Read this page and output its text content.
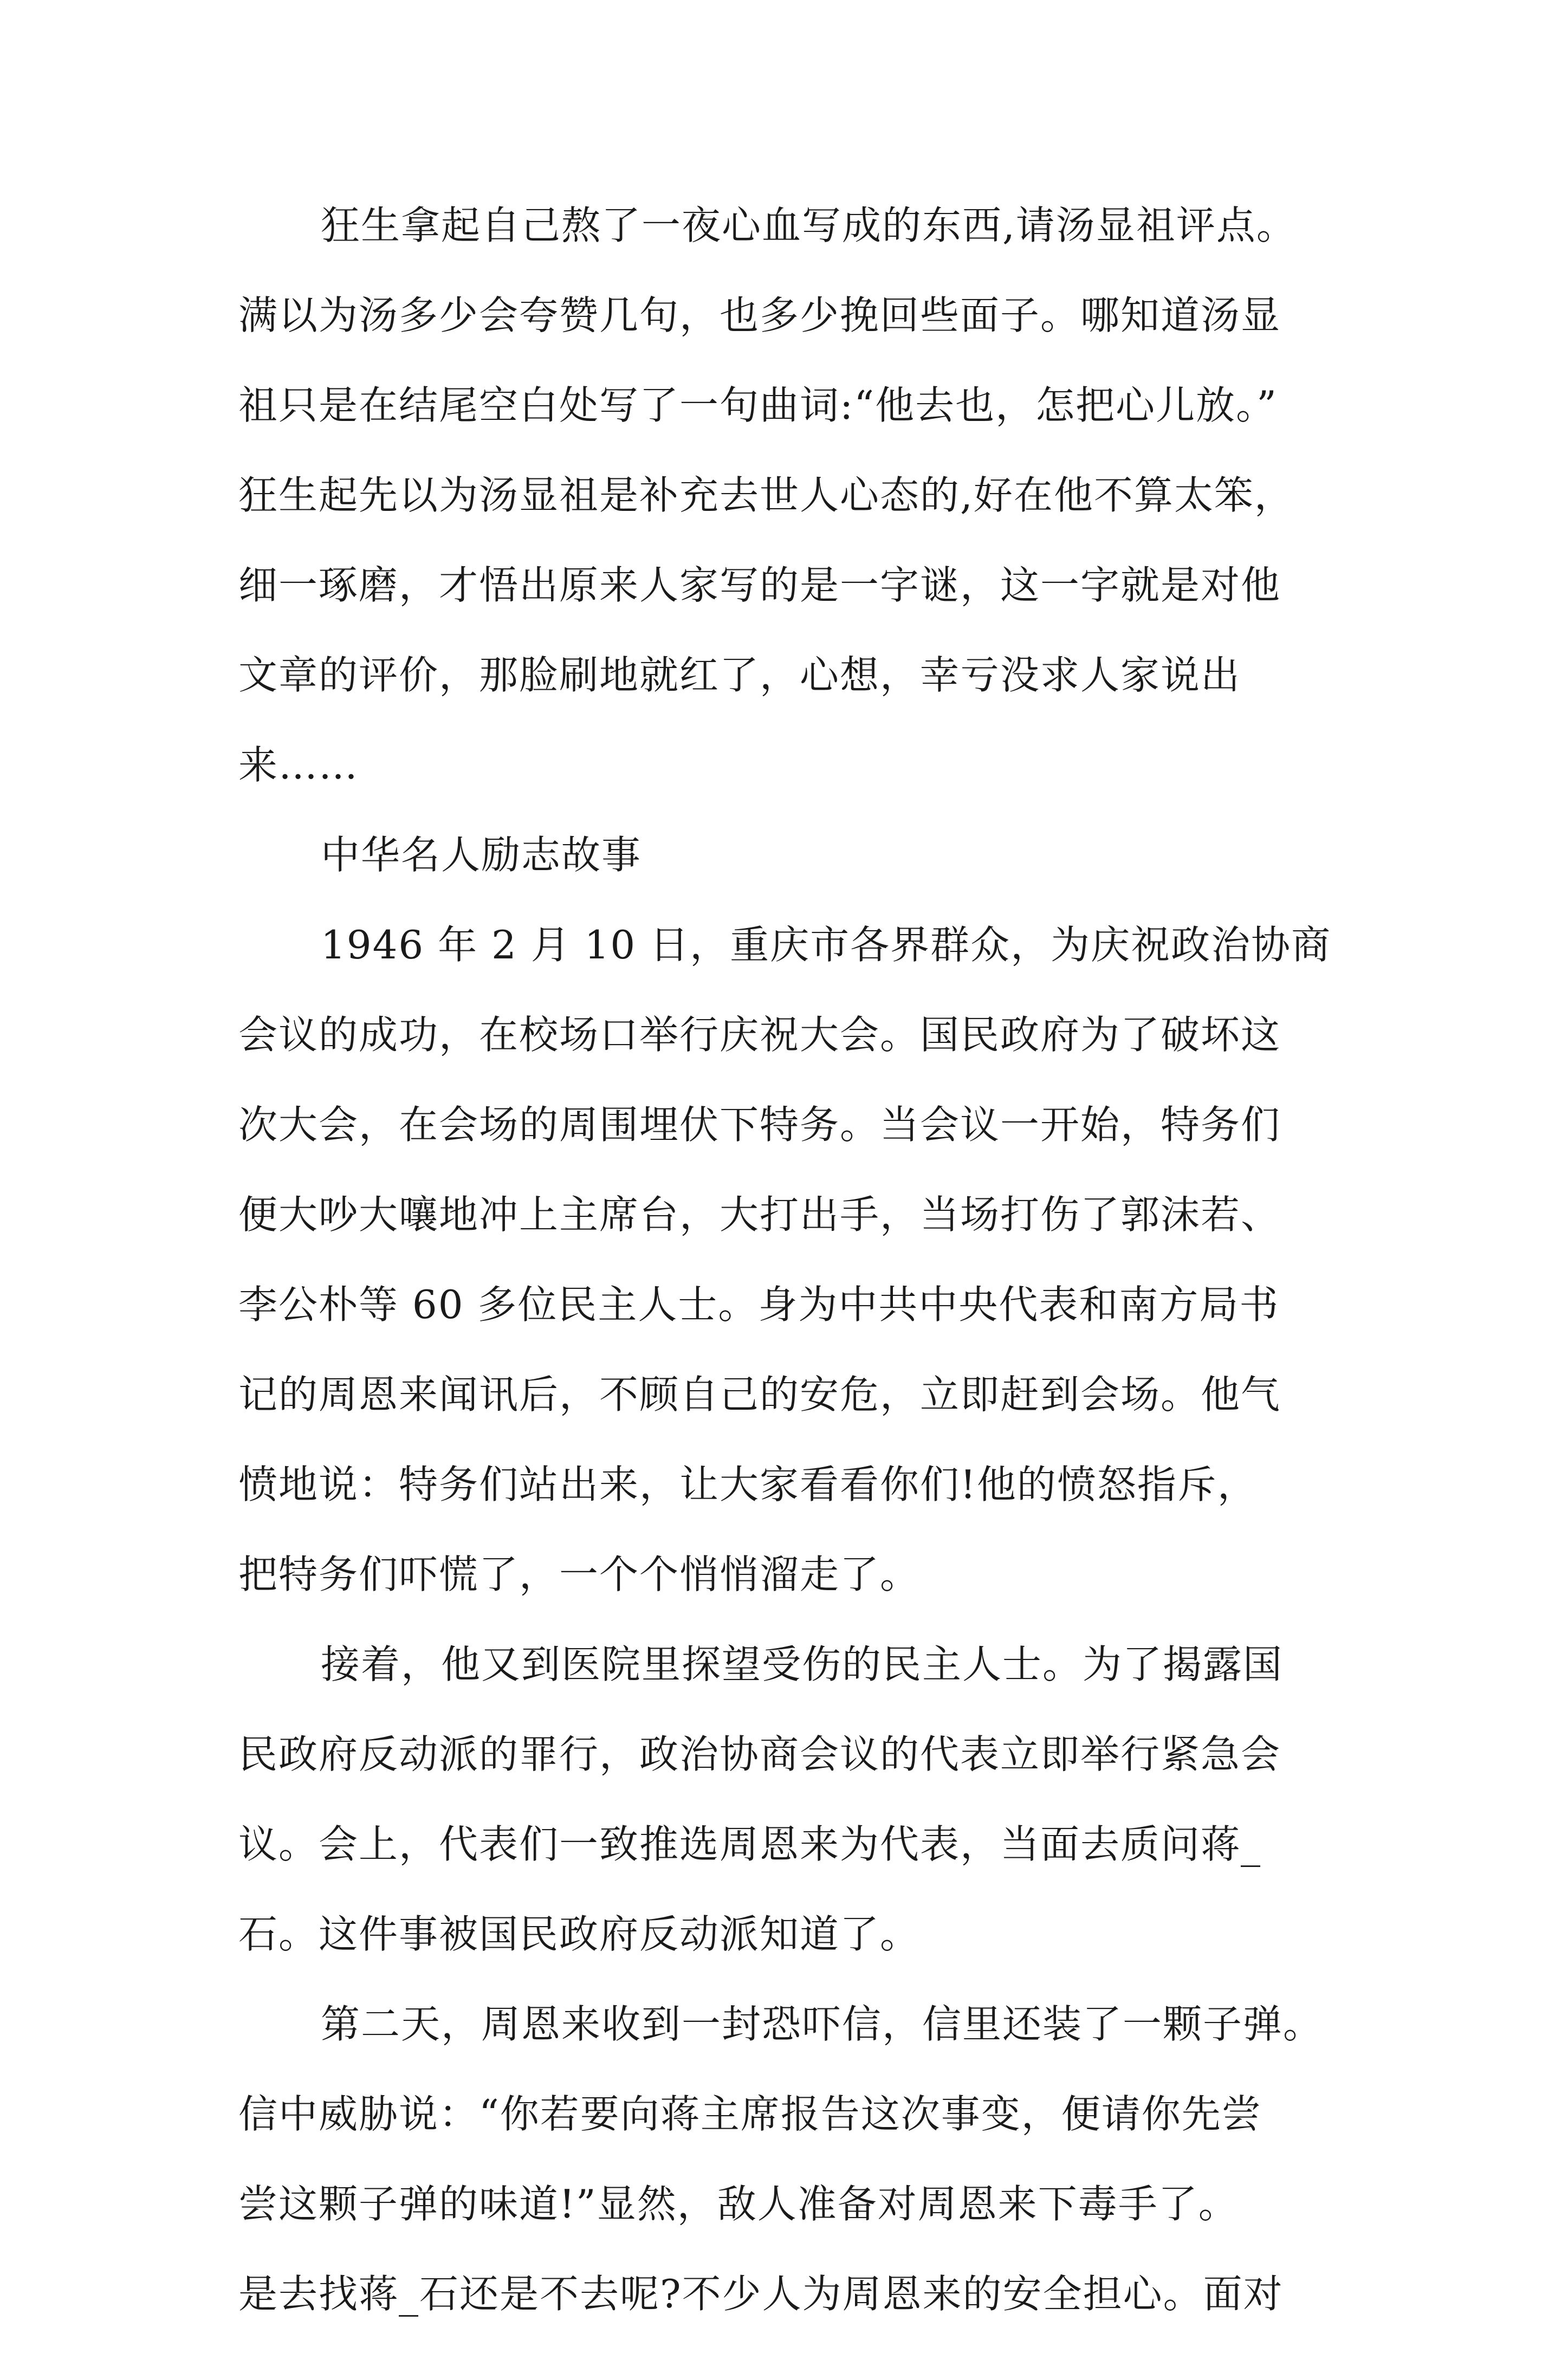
狂生拿起自己熬了一夜心血写成的东西,请汤显祖评点。
满以为汤多少会夸赞几句，也多少挽回些面子。哪知道汤显
祖只是在结尾空白处写了一句曲词:“他去也，怎把心儿放。”
狂生起先以为汤显祖是补充去世人心态的,好在他不算太笨，
细一琢磨，才悟出原来人家写的是一字谜，这一字就是对他
文章的评价，那脸刷地就红了，心想，幸亏没求人家说出
来……
中华名人励志故事
1946 年 2 月 10 日，重庆市各界群众，为庆祝政治协商
会议的成功，在校场口举行庆祝大会。国民政府为了破坏这
次大会，在会场的周围埋伏下特务。当会议一开始，特务们
便大吵大嚷地冲上主席台，大打出手，当场打伤了郭沫若、
李公朴等 60 多位民主人士。身为中共中央代表和南方局书
记的周恩来闻讯后，不顾自己的安危，立即赶到会场。他气
愤地说：特务们站出来，让大家看看你们!他的愤怒指斥，
把特务们吓慌了，一个个悄悄溜走了。
接着，他又到医院里探望受伤的民主人士。为了揭露国
民政府反动派的罪行，政治协商会议的代表立即举行紧急会
议。会上，代表们一致推选周恩来为代表，当面去质问蒋_
石。这件事被国民政府反动派知道了。
第二天，周恩来收到一封恐吓信，信里还装了一颗子弹。
信中威胁说：“你若要向蒋主席报告这次事变，便请你先尝
尝这颗子弹的味道!”显然，敌人准备对周恩来下毒手了。
是去找蒋_石还是不去呢?不少人为周恩来的安全担心。面对
